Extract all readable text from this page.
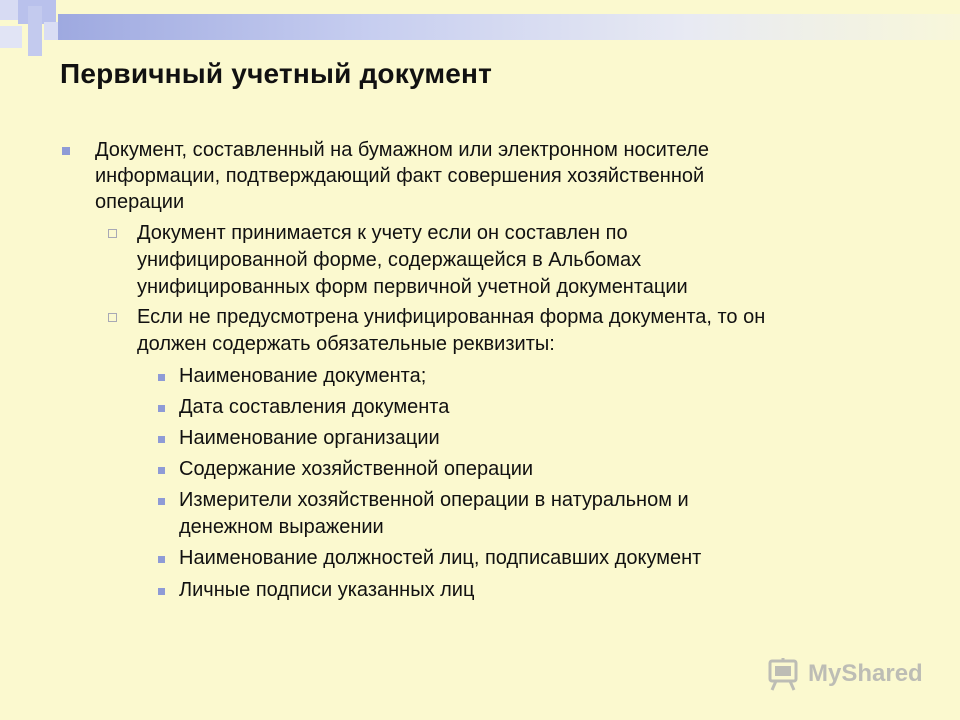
Первичный учетный документ
Документ, составленный на бумажном или электронном носителе
информации, подтверждающий факт совершения хозяйственной
операции
Документ принимается к учету если он составлен по
унифицированной форме, содержащейся в Альбомах
унифицированных форм первичной учетной документации
Если не предусмотрена унифицированная форма документа, то он
должен содержать обязательные реквизиты:
Наименование документа;
Дата составления документа
Наименование организации
Содержание хозяйственной операции
Измерители хозяйственной операции в натуральном и
денежном выражении
Наименование должностей лиц, подписавших документ
Личные подписи указанных лиц
MyShared
